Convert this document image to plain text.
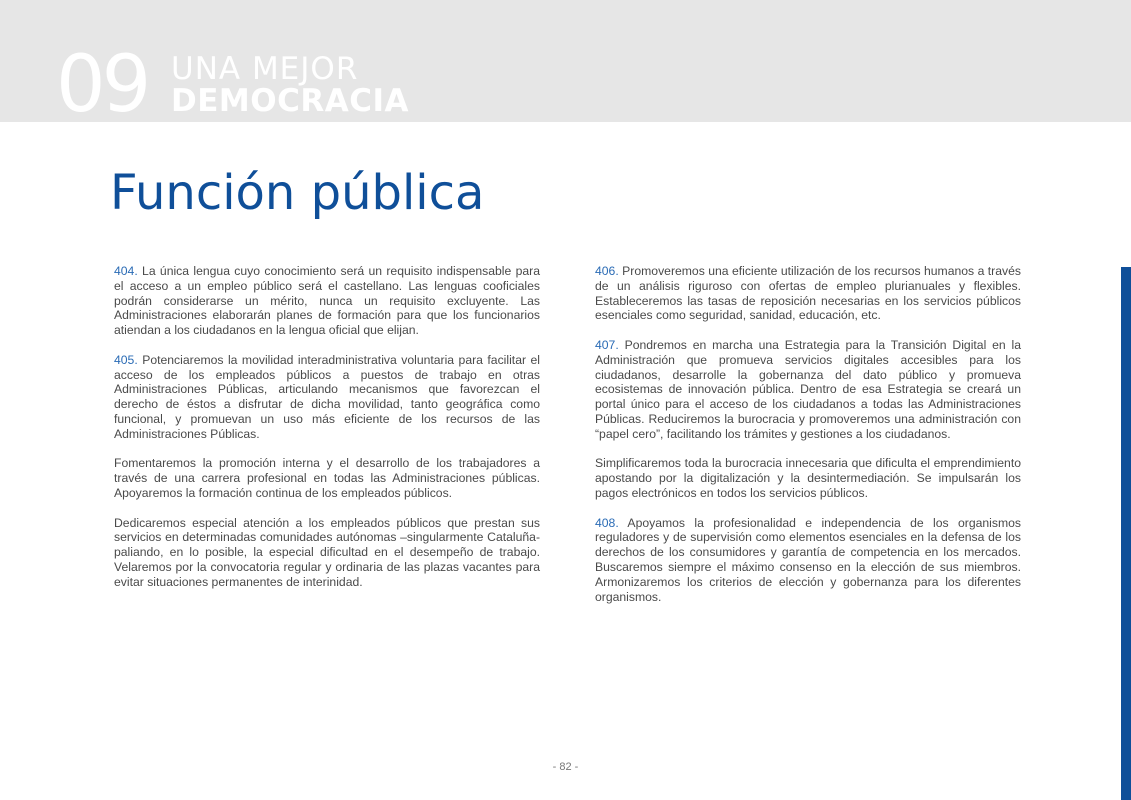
09 UNA MEJOR
DEMOCRACIA
Función pública

404. La única lengua cuyo conocimiento será un requisito indispensable para el acceso a un empleo público será el castellano. Las lenguas cooficiales podrán considerarse un mérito, nunca un requisito excluyente. Las Administraciones elaborarán planes de formación para que los funcionarios atiendan a los ciudadanos en la lengua oficial que elijan.

405. Potenciaremos la movilidad interadministrativa voluntaria para facilitar el acceso de los empleados públicos a puestos de trabajo en otras Administraciones Públicas, articulando mecanismos que favorezcan el derecho de éstos a disfrutar de dicha movilidad, tanto geográfica como funcional, y promuevan un uso más eficiente de los recursos de las Administraciones Públicas.

Fomentaremos la promoción interna y el desarrollo de los trabajadores a través de una carrera profesional en todas las Administraciones públicas. Apoyaremos la formación continua de los empleados públicos.

Dedicaremos especial atención a los empleados públicos que prestan sus servicios en determinadas comunidades autónomas –singularmente Cataluña- paliando, en lo posible, la especial dificultad en el desempeño de trabajo. Velaremos por la convocatoria regular y ordinaria de las plazas vacantes para evitar situaciones permanentes de interinidad.

406. Promoveremos una eficiente utilización de los recursos humanos a través de un análisis riguroso con ofertas de empleo plurianuales y flexibles. Estableceremos las tasas de reposición necesarias en los servicios públicos esenciales como seguridad, sanidad, educación, etc.

407. Pondremos en marcha una Estrategia para la Transición Digital en la Administración que promueva servicios digitales accesibles para los ciudadanos, desarrolle la gobernanza del dato público y promueva ecosistemas de innovación pública. Dentro de esa Estrategia se creará un portal único para el acceso de los ciudadanos a todas las Administraciones Públicas. Reduciremos la burocracia y promoveremos una administración con “papel cero”, facilitando los trámites y gestiones a los ciudadanos.

Simplificaremos toda la burocracia innecesaria que dificulta el emprendimiento apostando por la digitalización y la desintermediación. Se impulsarán los pagos electrónicos en todos los servicios públicos.

408. Apoyamos la profesionalidad e independencia de los organismos reguladores y de supervisión como elementos esenciales en la defensa de los derechos de los consumidores y garantía de competencia en los mercados. Buscaremos siempre el máximo consenso en la elección de sus miembros. Armonizaremos los criterios de elección y gobernanza para los diferentes organismos.

- 82 -
